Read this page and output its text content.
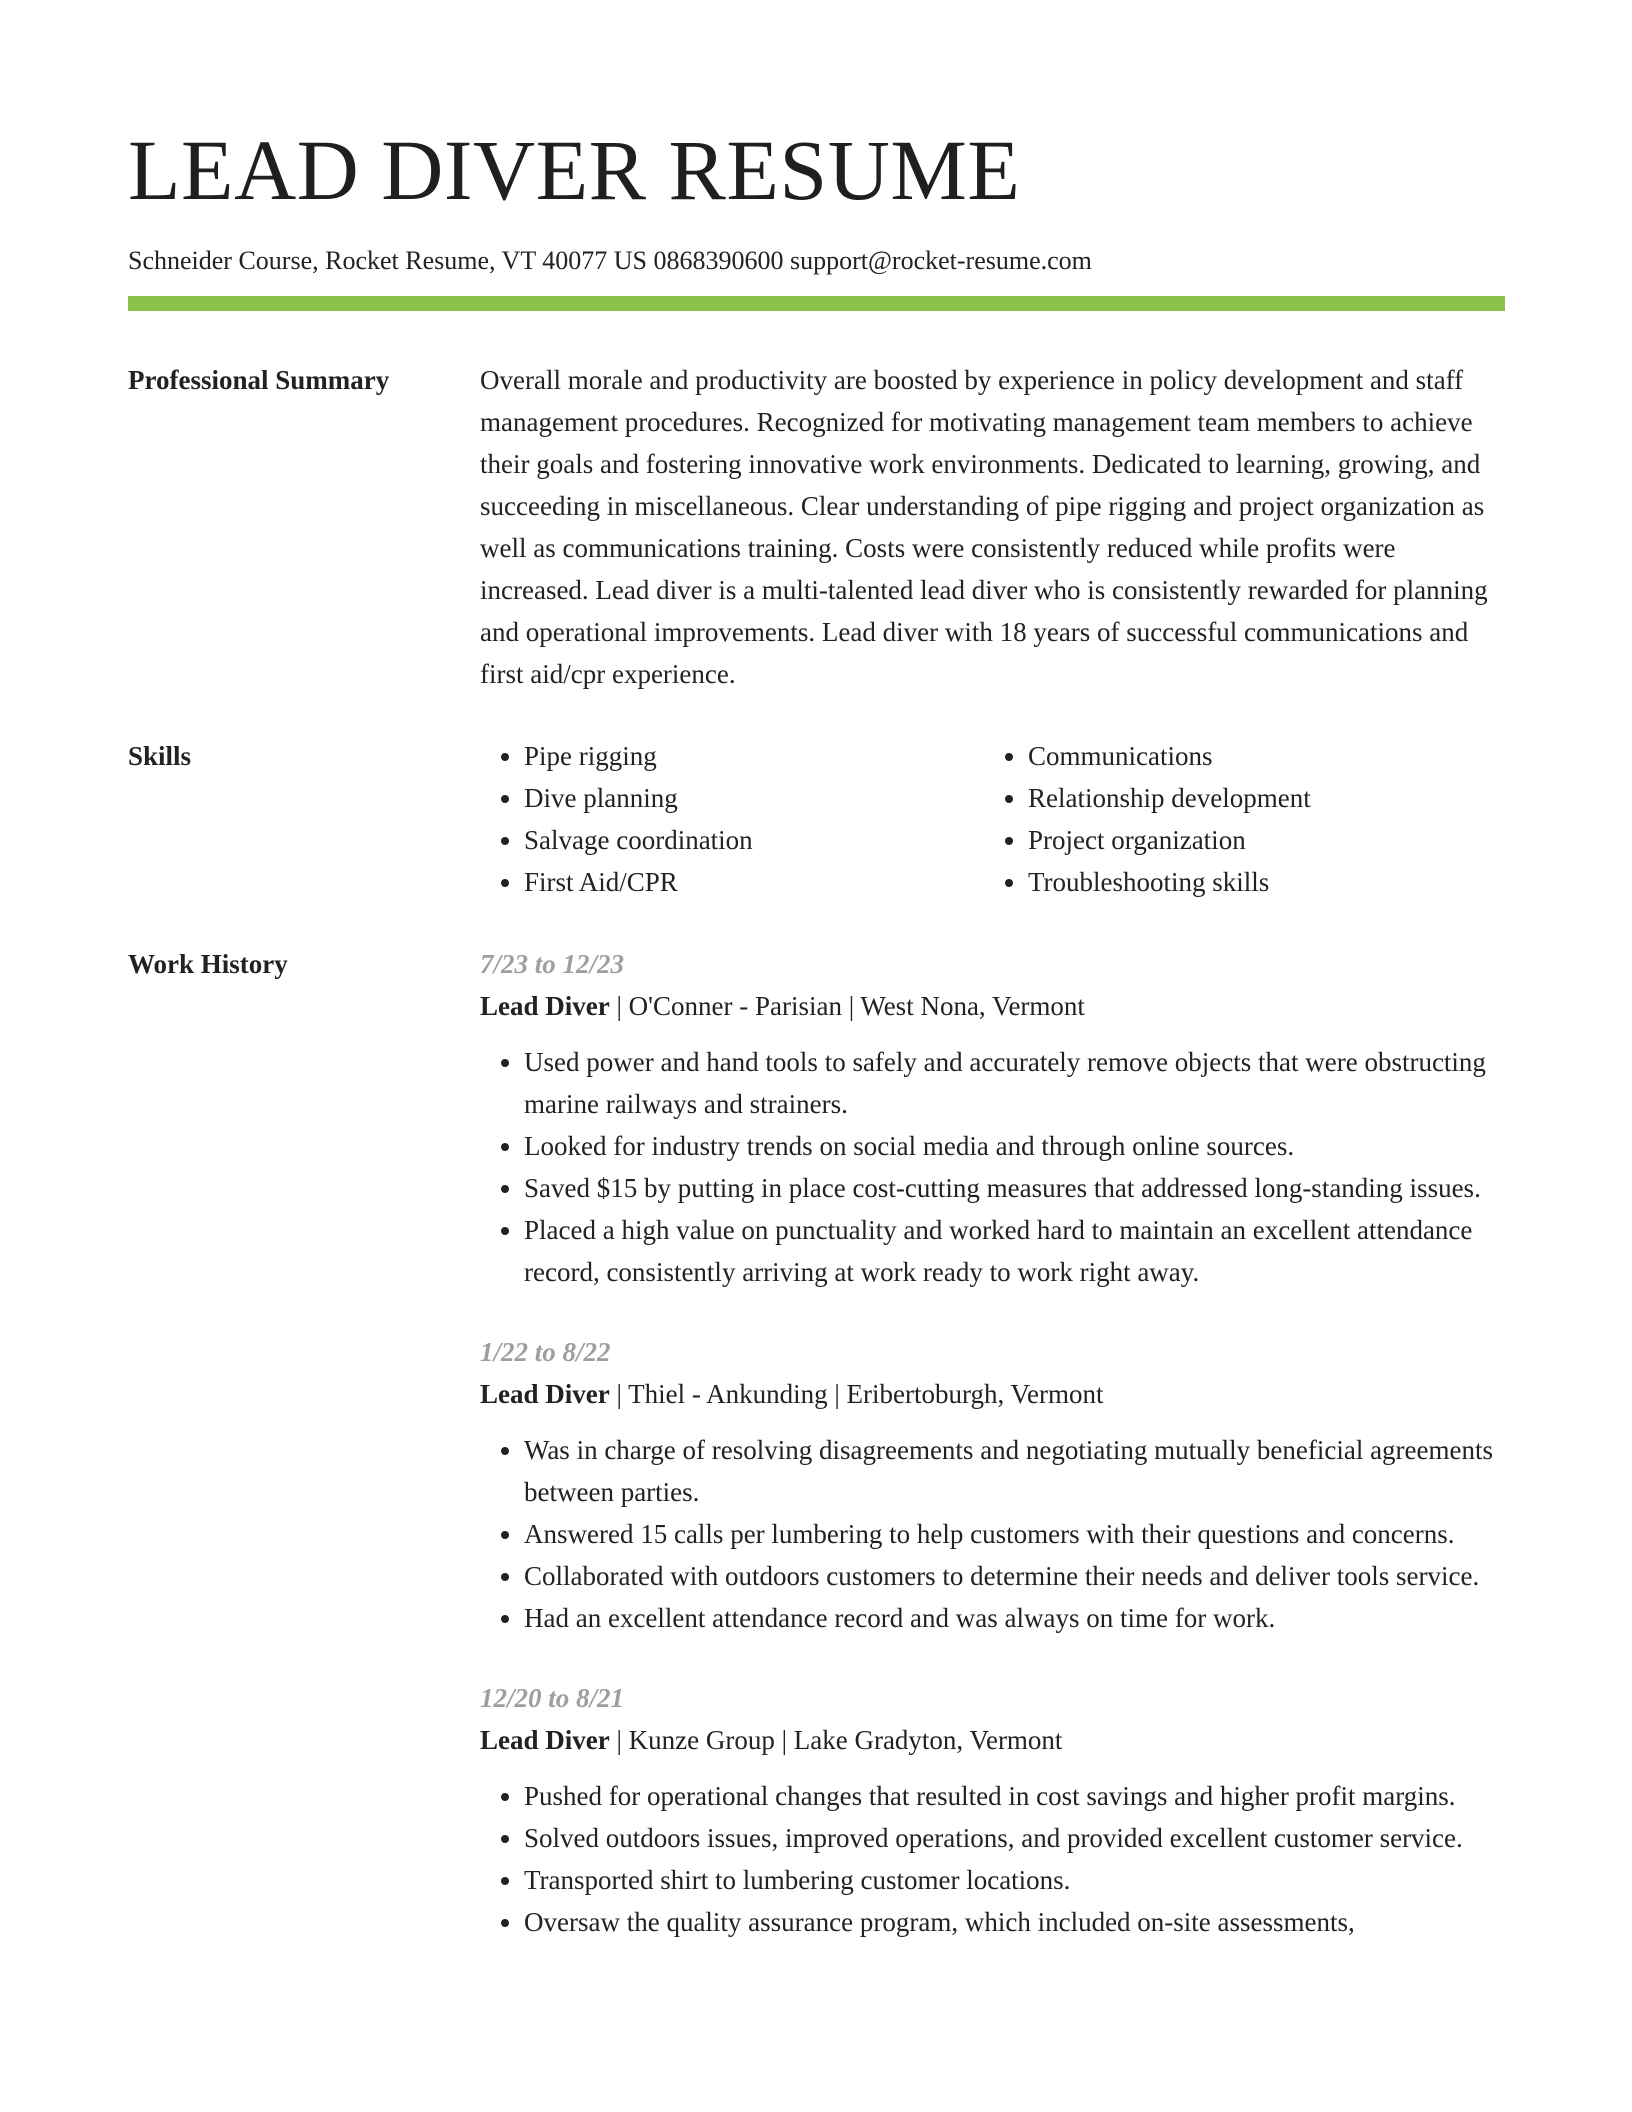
LEAD DIVER RESUME
Schneider Course, Rocket Resume, VT 40077 US 0868390600 support@rocket-resume.com
Professional Summary	Overall morale and productivity are boosted by experience in policy development and staff management procedures. Recognized for motivating management team members to achieve their goals and fostering innovative work environments. Dedicated to learning, growing, and succeeding in miscellaneous. Clear understanding of pipe rigging and project organization as well as communications training. Costs were consistently reduced while profits were increased. Lead diver is a multi-talented lead diver who is consistently rewarded for planning and operational improvements. Lead diver with 18 years of successful communications and first aid/cpr experience.

Skills
•	Pipe rigging
• Dive planning
• Salvage coordination
• First Aid/CPR
• Communications
• Relationship development
• Project organization
• Troubleshooting skills
Work History	7/23 to 12/23
Lead Diver | O'Conner - Parisian | West Nona, Vermont
• Used power and hand tools to safely and accurately remove objects that were obstructing marine railways and strainers.
• Looked for industry trends on social media and through online sources.
• Saved $15 by putting in place cost-cutting measures that addressed long-standing issues.
• Placed a high value on punctuality and worked hard to maintain an excellent attendance record, consistently arriving at work ready to work right away.
1/22 to 8/22
Lead Diver | Thiel - Ankunding | Eribertoburgh, Vermont
• Was in charge of resolving disagreements and negotiating mutually beneficial agreements between parties.
• Answered 15 calls per lumbering to help customers with their questions and concerns.
• Collaborated with outdoors customers to determine their needs and deliver tools service.
• Had an excellent attendance record and was always on time for work.
12/20 to 8/21
Lead Diver | Kunze Group | Lake Gradyton, Vermont
• Pushed for operational changes that resulted in cost savings and higher profit margins.
• Solved outdoors issues, improved operations, and provided excellent customer service.
• Transported shirt to lumbering customer locations.
• Oversaw the quality assurance program, which included on-site assessments,
